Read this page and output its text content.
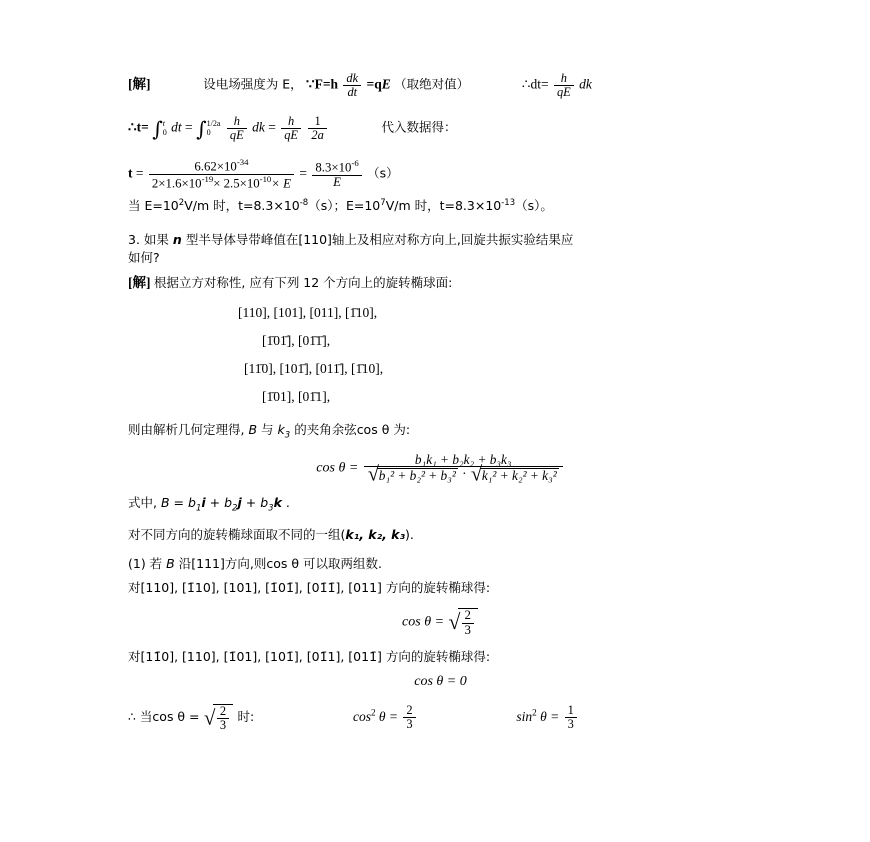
[解]	设电场强度为 E， ∵F=h $\frac{dk}{dt} =qE$ （取绝对值）	∴dt= $\frac{h}{qE}$ dk
∴t= ∫ t
0 dt = ∫ 1/2a
0
	$\frac{h}{qE}$ dk = $\frac{h}{qE}$
$\frac{1}{2a}$	代入数据得：
$t = \frac{6.62\times 10^{-34}}{2\times 1.6\times 10^{-19}\times 2.5\times 10^{-10}\times E} = \frac{8.3\times 10^{-6}}{E} (s)$
当 $E=10^2V/m$ 时，$t=8.3\times 10^{-8}(s)$；$E=10^7V/m$ 时，$t=8.3\times 10^{-13}(s)$。
3. 如果 n 型半导体导带峰值在[110]轴上及相应对称方向上,回旋共振实验结果应
如何?
[解] 根据立方对称性, 应有下列 12 个方向上的旋转椭球面:
[110], [101], [011], [1̄10],
[1̄01̄], [01̄1̄],
[11̄0], [101̄], [011̄], [1̄10],
[1̄01], [01̄1],
则由解析几何定理得, B 与 $k_3$ 的夹角余弦cos θ 为:
cos θ = b₁k₁ + b₂k₂ + b₃k₃
√ b₁² + b₂² + b₃² · √ k₁² + k₂² + k₃²
式中, $B = b_1i + b_2j + b_3k$ .
对不同方向的旋转椭球面取不同的一组(k₁, k₂, k₃).
(1) 若 B 沿[111]方向,则cos θ 可以取两组数.
对[110], [1̄10], [101], [1̄01̄], [01̄1̄], [011] 方向的旋转椭球得:
cos θ = √ $\frac{2}{3}$
对[11̄0], [110], [1̄01], [101̄], [01̄1], [011̄] 方向的旋转椭球得:
cos θ = 0
∴ 当cos θ = √ $\frac{2}{3}$ 时:	$\cos^2 \theta = \frac{2}{3}$	$\sin^2 \theta = \frac{1}{3}$
